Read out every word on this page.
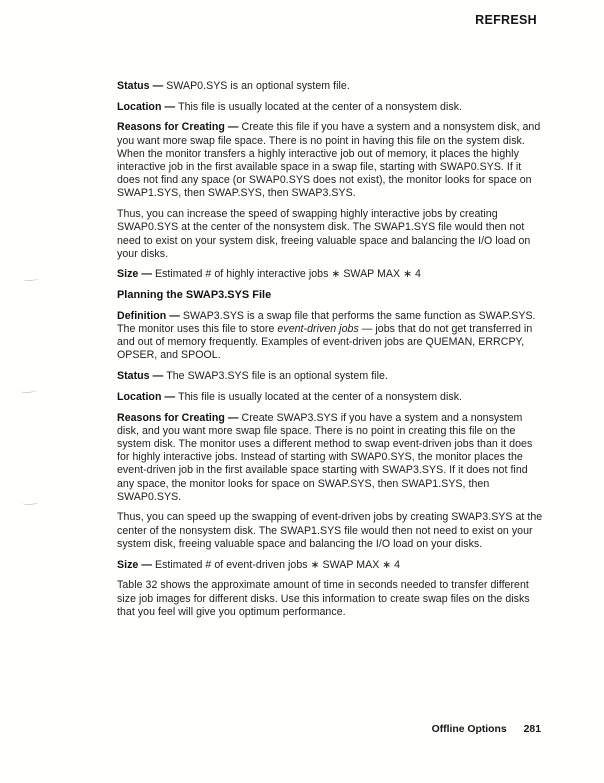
REFRESH

Status — SWAP0.SYS is an optional system file.

Location — This file is usually located at the center of a nonsystem disk.

Reasons for Creating — Create this file if you have a system and a nonsystem disk, and you want more swap file space. There is no point in having this file on the system disk. When the monitor transfers a highly interactive job out of memory, it places the highly interactive job in the first available space in a swap file, starting with SWAP0.SYS. If it does not find any space (or SWAP0.SYS does not exist), the monitor looks for space on SWAP1.SYS, then SWAP.SYS, then SWAP3.SYS.

Thus, you can increase the speed of swapping highly interactive jobs by creating SWAP0.SYS at the center of the nonsystem disk. The SWAP1.SYS file would then not need to exist on your system disk, freeing valuable space and balancing the I/O load on your disks.

Size — Estimated # of highly interactive jobs ∗ SWAP MAX ∗ 4

Planning the SWAP3.SYS File

Definition — SWAP3.SYS is a swap file that performs the same function as SWAP.SYS. The monitor uses this file to store event-driven jobs — jobs that do not get transferred in and out of memory frequently. Examples of event-driven jobs are QUEMAN, ERRCPY, OPSER, and SPOOL.

Status — The SWAP3.SYS file is an optional system file.

Location — This file is usually located at the center of a nonsystem disk.

Reasons for Creating — Create SWAP3.SYS if you have a system and a nonsystem disk, and you want more swap file space. There is no point in creating this file on the system disk. The monitor uses a different method to swap event-driven jobs than it does for highly interactive jobs. Instead of starting with SWAP0.SYS, the monitor places the event-driven job in the first available space starting with SWAP3.SYS. If it does not find any space, the monitor looks for space on SWAP.SYS, then SWAP1.SYS, then SWAP0.SYS.

Thus, you can speed up the swapping of event-driven jobs by creating SWAP3.SYS at the center of the nonsystem disk. The SWAP1.SYS file would then not need to exist on your system disk, freeing valuable space and balancing the I/O load on your disks.

Size — Estimated # of event-driven jobs ∗ SWAP MAX ∗ 4

Table 32 shows the approximate amount of time in seconds needed to transfer different size job images for different disks. Use this information to create swap files on the disks that you feel will give you optimum performance.

Offline Options 281
